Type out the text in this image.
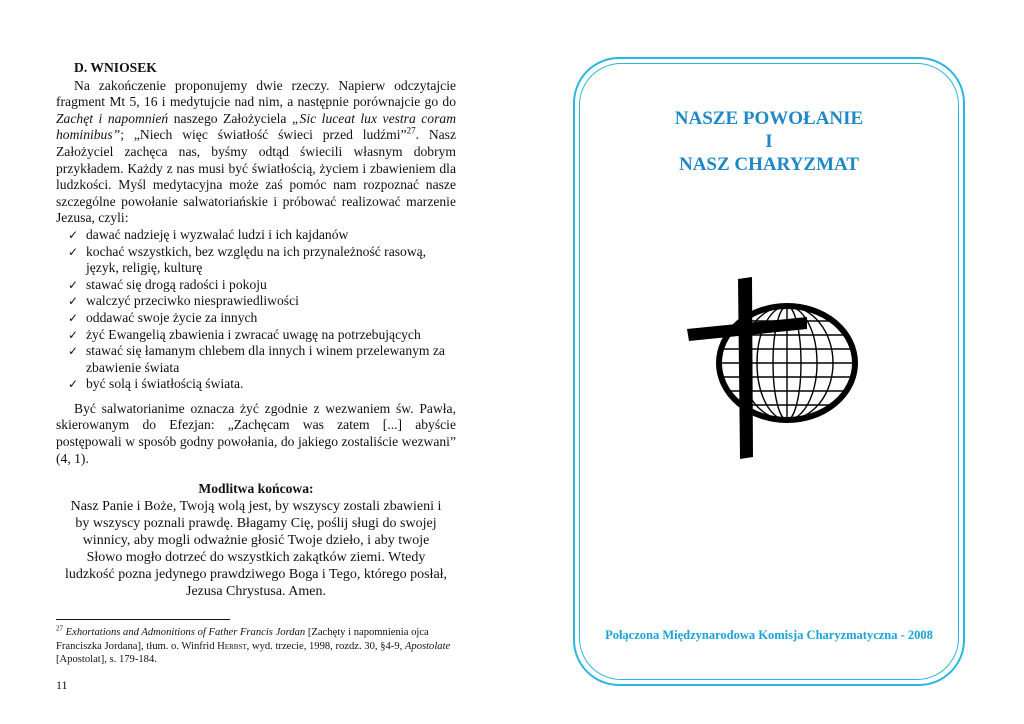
D. WNIOSEK

Na zakończenie proponujemy dwie rzeczy. Napierw odczytajcie fragment Mt 5, 16 i medytujcie nad nim, a następnie porównajcie go do Zachęt i napomnień naszego Założyciela „Sic luceat lux vestra coram hominibus”; „Niech więc światłość świeci przed ludźmi”$^{27}$. Nasz Założyciel zachęca nas, byśmy odtąd świecili własnym dobrym przykładem. Każdy z nas musi być światłością, życiem i zbawieniem dla ludzkości. Myśl medytacyjna może zaś pomóc nam rozpoznać nasze szczególne powołanie salwatoriańskie i próbować realizować marzenie Jezusa, czyli:

✓ dawać nadzieję i wyzwalać ludzi i ich kajdanów
✓ kochać wszystkich, bez względu na ich przynależność rasową, język, religię, kulturę
✓ stawać się drogą radości i pokoju
✓ walczyć przeciwko niesprawiedliwości
✓ oddawać swoje życie za innych
✓ żyć Ewangelią zbawienia i zwracać uwagę na potrzebujących
✓ stawać się łamanym chlebem dla innych i winem przelewanym za zbawienie świata
✓ być solą i światłością świata.

Być salwatorianime oznacza żyć zgodnie z wezwaniem św. Pawła, skierowanym do Efezjan: „Zachęcam was zatem [...] abyście postępowali w sposób godny powołania, do jakiego zostaliście wezwani” (4, 1).

Modlitwa końcowa:

Nasz Panie i Boże, Twoją wolą jest, by wszyscy zostali zbawieni i
by wszyscy poznali prawdę. Błagamy Cię, poślij sługi do swojej
winnicy, aby mogli odważnie głosić Twoje dzieło, i aby twoje
Słowo mogło dotrzeć do wszystkich zakątków ziemi. Wtedy
ludzkość pozna jedynego prawdziwego Boga i Tego, którego posłał,
Jezusa Chrystusa. Amen.

$^{27}$ Exhortations and Admonitions of Father Francis Jordan [Zachęty i napomnienia ojca Franciszka Jordana], tłum. o. Winfrid Herbst, wyd. trzecie, 1998, rozdz. 30, §4-9, Apostolate [Apostolat], s. 179-184.
11
NASZE POWOŁANIE
I
NASZ CHARYZMAT
Połączona Międzynarodowa Komisja Charyzmatyczna - 2008
